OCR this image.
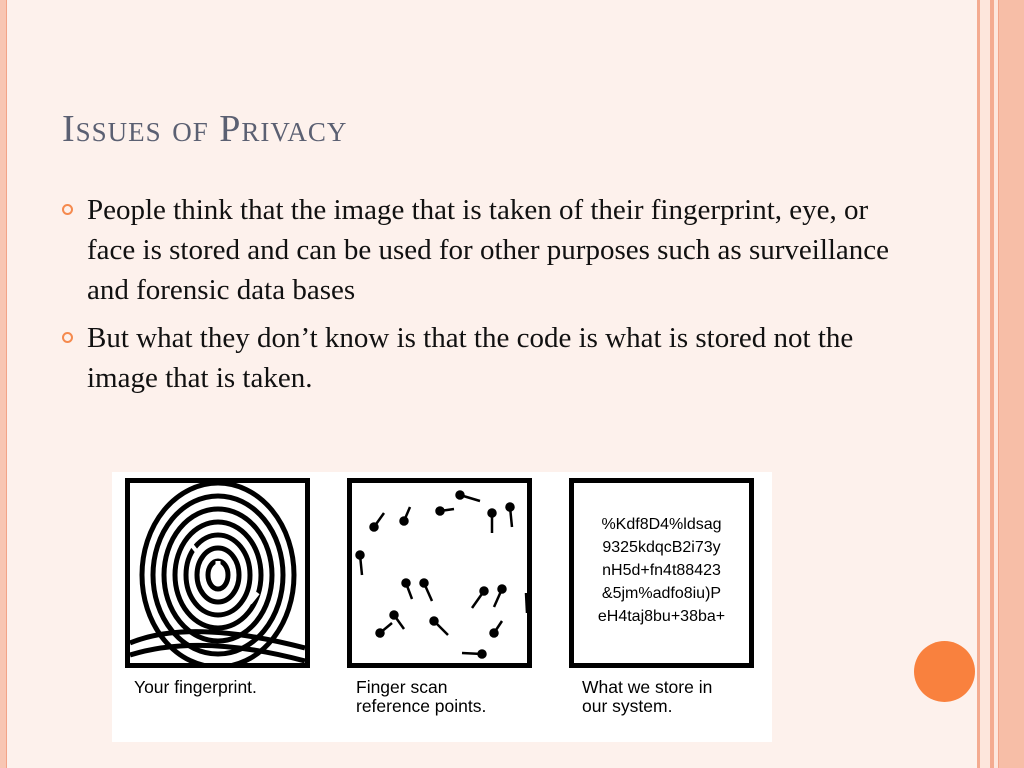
Issues of Privacy
People think that the image that is taken of their fingerprint, eye, or face is stored and can be used for other purposes such as surveillance and forensic data bases
But what they don’t know is that the code is what is stored not the image that is taken.
%Kdf8D4%ldsag
9325kdqcB2i73y
nH5d+fn4t88423
&5jm%adfo8iu)P
eH4taj8bu+38ba+
Your fingerprint.	Finger scan
reference points.
What we store in
our system.
